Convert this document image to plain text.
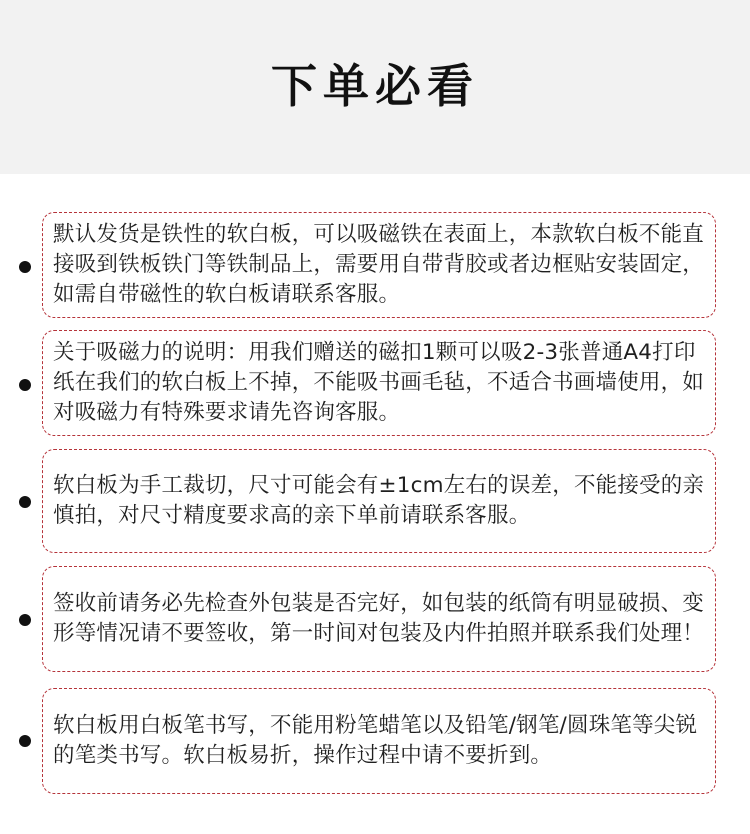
下单必看

默认发货是铁性的软白板，可以吸磁铁在表面上，本款软白板不能直接吸到铁板铁门等铁制品上，需要用自带背胶或者边框贴安装固定，如需自带磁性的软白板请联系客服。

关于吸磁力的说明：用我们赠送的磁扣1颗可以吸2-3张普通A4打印纸在我们的软白板上不掉，不能吸书画毛毡，不适合书画墙使用，如对吸磁力有特殊要求请先咨询客服。

软白板为手工裁切，尺寸可能会有±1cm左右的误差，不能接受的亲慎拍，对尺寸精度要求高的亲下单前请联系客服。

签收前请务必先检查外包装是否完好，如包装的纸筒有明显破损、变形等情况请不要签收，第一时间对包装及内件拍照并联系我们处理！

软白板用白板笔书写，不能用粉笔蜡笔以及铅笔/钢笔/圆珠笔等尖锐的笔类书写。软白板易折，操作过程中请不要折到。
